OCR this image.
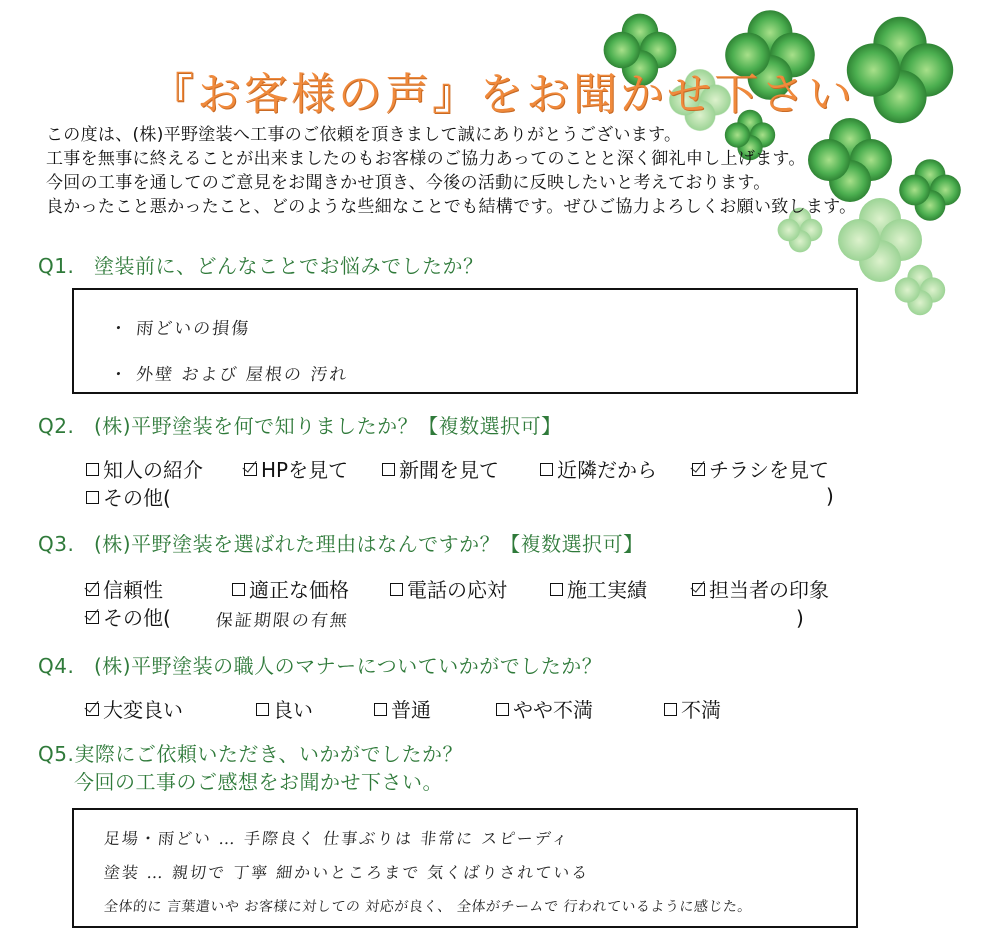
『お客様の声』をお聞かせ下さい
この度は、(株)平野塗装へ工事のご依頼を頂きまして誠にありがとうございます。
工事を無事に終えることが出来ましたのもお客様のご協力あってのことと深く御礼申し上げます。
今回の工事を通してのご意見をお聞きかせ頂き、今後の活動に反映したいと考えております。
良かったこと悪かったこと、どのような些細なことでも結構です。ぜひご協力よろしくお願い致します。
Q1. 塗装前に、どんなことでお悩みでしたか？
・ 雨どいの損傷
・ 外壁 および 屋根の 汚れ
Q2. (株)平野塗装を何で知りましたか？【複数選択可】
知人の紹介	HPを見て	新聞を見て	近隣だから	チラシを見て
その他(	)
Q3. (株)平野塗装を選ばれた理由はなんですか？【複数選択可】
信頼性	適正な価格	電話の応対	施工実績	担当者の印象
その他(	保証期限の有無	)
Q4. (株)平野塗装の職人のマナーについていかがでしたか？
大変良い	良い	普通	やや不満	不満
Q5.実際にご依頼いただき、いかがでしたか？
今回の工事のご感想をお聞かせ下さい。
足場・雨どい … 手際良く 仕事ぶりは 非常に スピーディ
塗装 … 親切で 丁寧 細かいところまで 気くばりされている
全体的に 言葉遣いや お客様に対しての 対応が良く、 全体がチームで 行われているように感じた。
